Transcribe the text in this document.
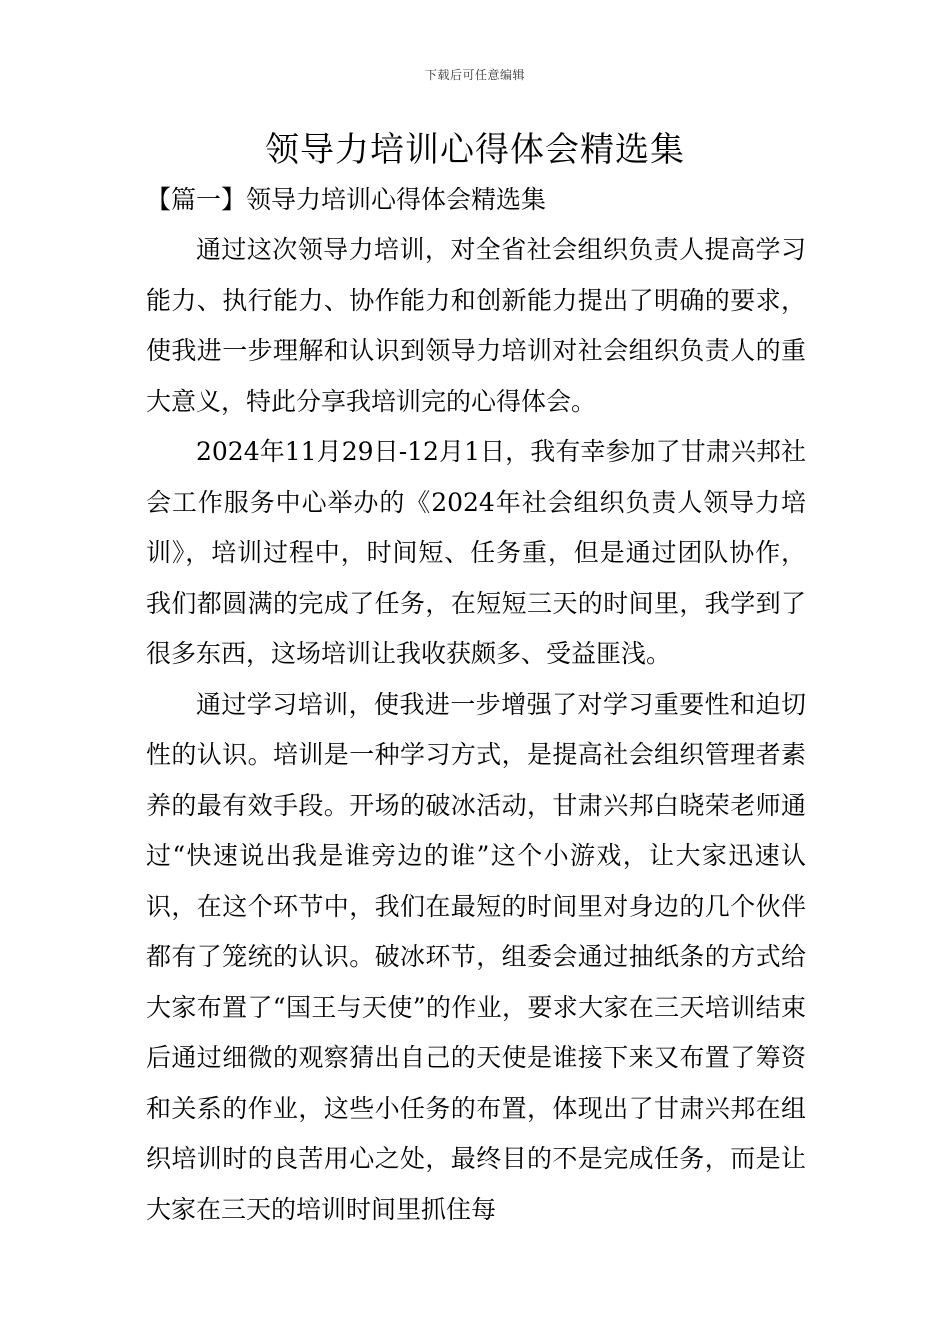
下载后可任意编辑
领导力培训心得体会精选集
【篇一】领导力培训心得体会精选集

通过这次领导力培训，对全省社会组织负责人提高学习能力、执行能力、协作能力和创新能力提出了明确的要求，使我进一步理解和认识到领导力培训对社会组织负责人的重大意义，特此分享我培训完的心得体会。

2024年11月29日-12月1日，我有幸参加了甘肃兴邦社会工作服务中心举办的《2024年社会组织负责人领导力培训》，培训过程中，时间短、任务重，但是通过团队协作，我们都圆满的完成了任务，在短短三天的时间里，我学到了很多东西，这场培训让我收获颇多、受益匪浅。

通过学习培训，使我进一步增强了对学习重要性和迫切性的认识。培训是一种学习方式，是提高社会组织管理者素养的最有效手段。开场的破冰活动，甘肃兴邦白晓荣老师通过“快速说出我是谁旁边的谁”这个小游戏，让大家迅速认识，在这个环节中，我们在最短的时间里对身边的几个伙伴都有了笼统的认识。破冰环节，组委会通过抽纸条的方式给大家布置了“国王与天使”的作业，要求大家在三天培训结束后通过细微的观察猜出自己的天使是谁接下来又布置了筹资和关系的作业，这些小任务的布置，体现出了甘肃兴邦在组织培训时的良苦用心之处，最终目的不是完成任务，而是让大家在三天的培训时间里抓住每
